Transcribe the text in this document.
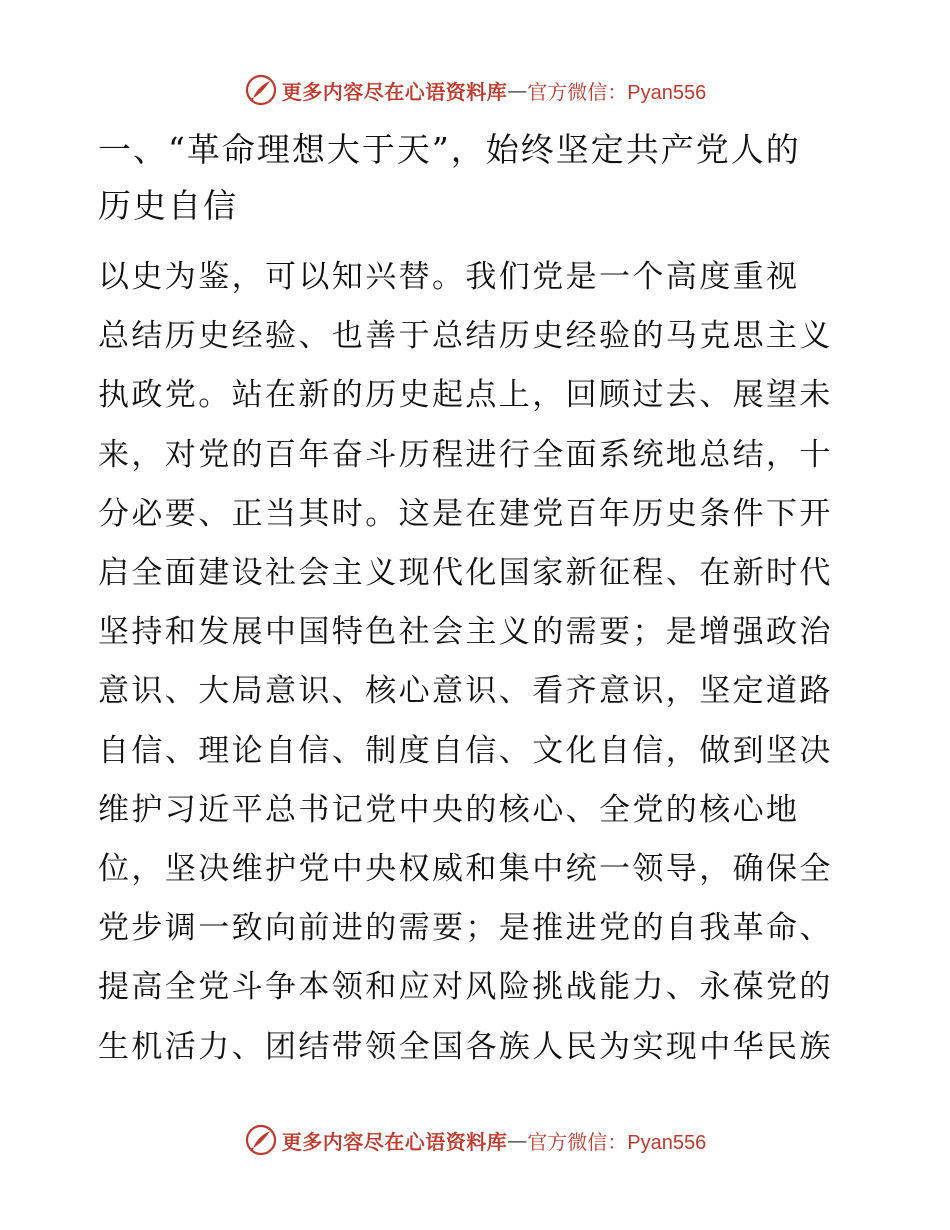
更多内容尽在心语资料库 — 官方微信：Pyan556
一、“革命理想大于天”，始终坚定共产党人的
历史自信
以史为鉴，可以知兴替。我们党是一个高度重视
总结历史经验、也善于总结历史经验的马克思主义
执政党。站在新的历史起点上，回顾过去、展望未
来，对党的百年奋斗历程进行全面系统地总结，十
分必要、正当其时。这是在建党百年历史条件下开
启全面建设社会主义现代化国家新征程、在新时代
坚持和发展中国特色社会主义的需要；是增强政治
意识、大局意识、核心意识、看齐意识，坚定道路
自信、理论自信、制度自信、文化自信，做到坚决
维护习近平总书记党中央的核心、全党的核心地
位，坚决维护党中央权威和集中统一领导，确保全
党步调一致向前进的需要；是推进党的自我革命、
提高全党斗争本领和应对风险挑战能力、永葆党的
生机活力、团结带领全国各族人民为实现中华民族
更多内容尽在心语资料库 — 官方微信：Pyan556
